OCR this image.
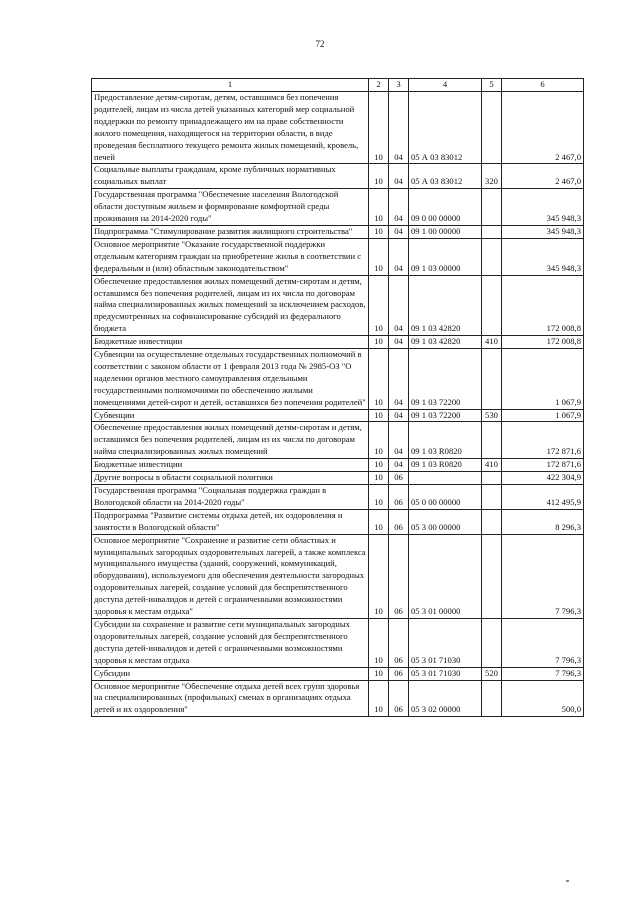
72
1	2	3	4	5	6
Предоставление детям-сиротам, детям, оставшимся без попечения родителей, лицам из числа детей указанных категорий мер социальной поддержки по ремонту принадлежащего им на праве собственности жилого помещения, находящегося на территории области, в виде проведения бесплатного текущего ремонта жилых помещений, кровель, печей	10	04	05 А 03 83012		2 467,0
Социальные выплаты гражданам, кроме публичных нормативных социальных выплат	10	04	05 А 03 83012	320	2 467,0
Государственная программа "Обеспечение населения Вологодской области доступным жильем и формирование комфортной среды проживания на 2014-2020 годы"	10	04	09 0 00 00000		345 948,3
Подпрограмма "Стимулирование развития жилищного строительства"	10	04	09 1 00 00000		345 948,3
Основное мероприятие "Оказание государственной поддержки отдельным категориям граждан на приобретение жилья в соответствии с федеральным и (или) областным законодательством"	10	04	09 1 03 00000		345 948,3
Обеспечение предоставления жилых помещений детям-сиротам и детям, оставшимся без попечения родителей, лицам из их числа по договорам найма специализированных жилых помещений за исключением расходов, предусмотренных на софинансирование субсидий из федерального бюджета	10	04	09 1 03 42820		172 008,8
Бюджетные инвестиции	10	04	09 1 03 42820	410	172 008,8
Субвенции на осуществление отдельных государственных полномочий в соответствии с законом области от 1 февраля 2013 года № 2985-ОЗ "О наделении органов местного самоуправления отдельными государственными полномочиями по обеспечению жилыми помещениями детей-сирот и детей, оставшихся без попечения родителей"	10	04	09 1 03 72200		1 067,9
Субвенции	10	04	09 1 03 72200	530	1 067,9
Обеспечение предоставления жилых помещений детям-сиротам и детям, оставшимся без попечения родителей, лицам из их числа по договорам найма специализированных жилых помещений	10	04	09 1 03 R0820		172 871,6
Бюджетные инвестиции	10	04	09 1 03 R0820	410	172 871,6
Другие вопросы в области социальной политики	10	06			422 304,9
Государственная программа "Социальная поддержка граждан в Вологодской области на 2014-2020 годы"	10	06	05 0 00 00000		412 495,9
Подпрограмма "Развитие системы отдыха детей, их оздоровления и занятости в Вологодской области"	10	06	05 3 00 00000		8 296,3
Основное мероприятие "Сохранение и развитие сети областных и муниципальных загородных оздоровительных лагерей, а также комплекса муниципального имущества (зданий, сооружений, коммуникаций, оборудования), используемого для обеспечения деятельности загородных оздоровительных лагерей, создание условий для беспрепятственного доступа детей-инвалидов и детей с ограниченными возможностями здоровья к местам отдыха"	10	06	05 3 01 00000		7 796,3
Субсидии на сохранение и развитие сети муниципальных загородных оздоровительных лагерей, создание условий для беспрепятственного доступа детей-инвалидов и детей с ограниченными возможностями здоровья к местам отдыха	10	06	05 3 01 71030		7 796,3
Субсидии	10	06	05 3 01 71030	520	7 796,3
Основное мероприятие "Обеспечение отдыха детей всех групп здоровья на специализированных (профильных) сменах в организациях отдыха детей и их оздоровления"	10	06	05 3 02 00000		500,0
